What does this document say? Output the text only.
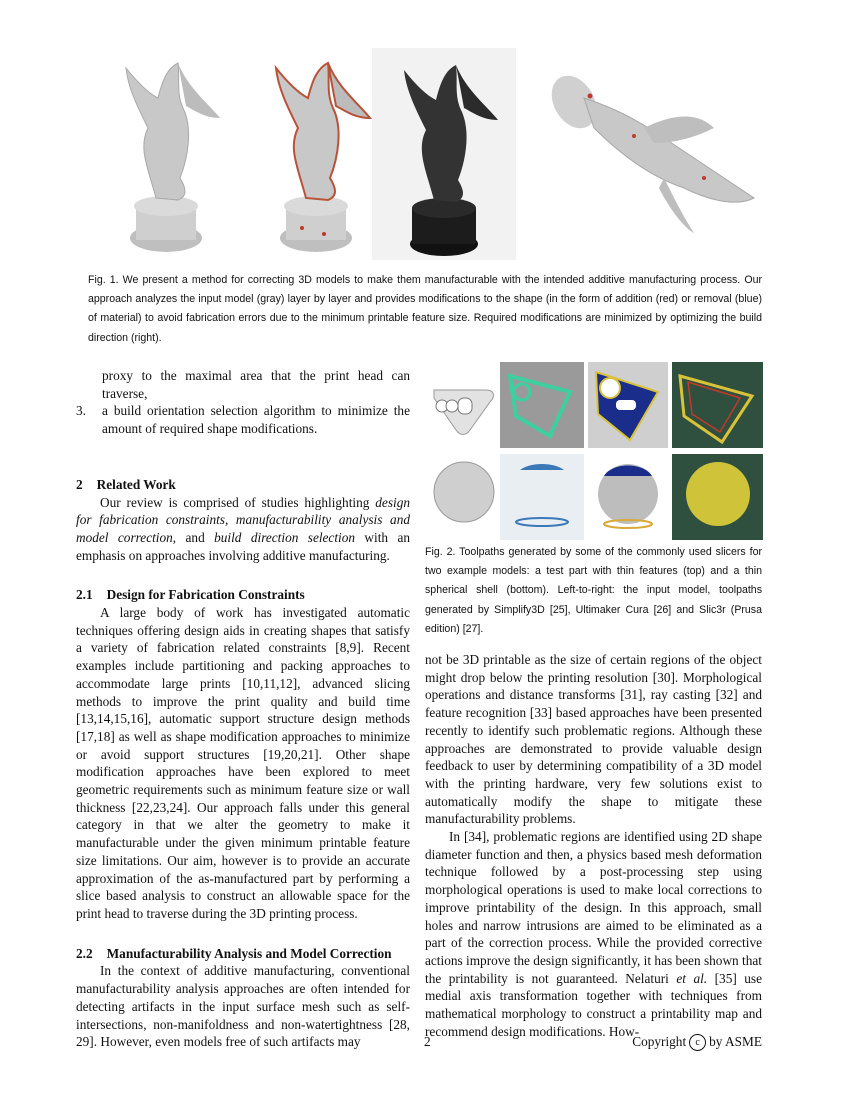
Fig. 1. We present a method for correcting 3D models to make them manufacturable with the intended additive manufacturing process. Our approach analyzes the input model (gray) layer by layer and provides modifications to the shape (in the form of addition (red) or removal (blue) of material) to avoid fabrication errors due to the minimum printable feature size. Required modifications are minimized by optimizing the build direction (right).

proxy to the maximal area that the print head can traverse,

3. a build orientation selection algorithm to minimize the amount of required shape modifications.
2 Related Work

Our review is comprised of studies highlighting design for fabrication constraints, manufacturability analysis and model correction, and build direction selection with an emphasis on approaches involving additive manufacturing.

2.1 Design for Fabrication Constraints

A large body of work has investigated automatic techniques offering design aids in creating shapes that satisfy a variety of fabrication related constraints [8,9]. Recent examples include partitioning and packing approaches to accommodate large prints [10,11,12], advanced slicing methods to improve the print quality and build time [13,14,15,16], automatic support structure design methods [17,18] as well as shape modification approaches to minimize or avoid support structures [19,20,21]. Other shape modification approaches have been explored to meet geometric requirements such as minimum feature size or wall thickness [22,23,24]. Our approach falls under this general category in that we alter the geometry to make it manufacturable under the given minimum printable feature size limitations. Our aim, however is to provide an accurate approximation of the as-manufactured part by performing a slice based analysis to construct an allowable space for the print head to traverse during the 3D printing process.

2.2 Manufacturability Analysis and Model Correction

In the context of additive manufacturing, conventional manufacturability analysis approaches are often intended for detecting artifacts in the input surface mesh such as self-intersections, non-manifoldness and non-watertightness [28, 29]. However, even models free of such artifacts may

Fig. 2. Toolpaths generated by some of the commonly used slicers for two example models: a test part with thin features (top) and a thin spherical shell (bottom). Left-to-right: the input model, toolpaths generated by Simplify3D [25], Ultimaker Cura [26] and Slic3r (Prusa edition) [27].

not be 3D printable as the size of certain regions of the object might drop below the printing resolution [30]. Morphological operations and distance transforms [31], ray casting [32] and feature recognition [33] based approaches have been presented recently to identify such problematic regions. Although these approaches are demonstrated to provide valuable design feedback to user by determining compatibility of a 3D model with the printing hardware, very few solutions exist to automatically modify the shape to mitigate these manufacturability problems.

In [34], problematic regions are identified using 2D shape diameter function and then, a physics based mesh deformation technique followed by a post-processing step using morphological operations is used to make local corrections to improve printability of the design. In this approach, small holes and narrow intrusions are aimed to be eliminated as a part of the correction process. While the provided corrective actions improve the design significantly, it has been shown that the printability is not guaranteed. Nelaturi et al. [35] use medial axis transformation together with techniques from mathematical morphology to construct a printability map and recommend design modifications. How-

2	Copyright c by ASME
